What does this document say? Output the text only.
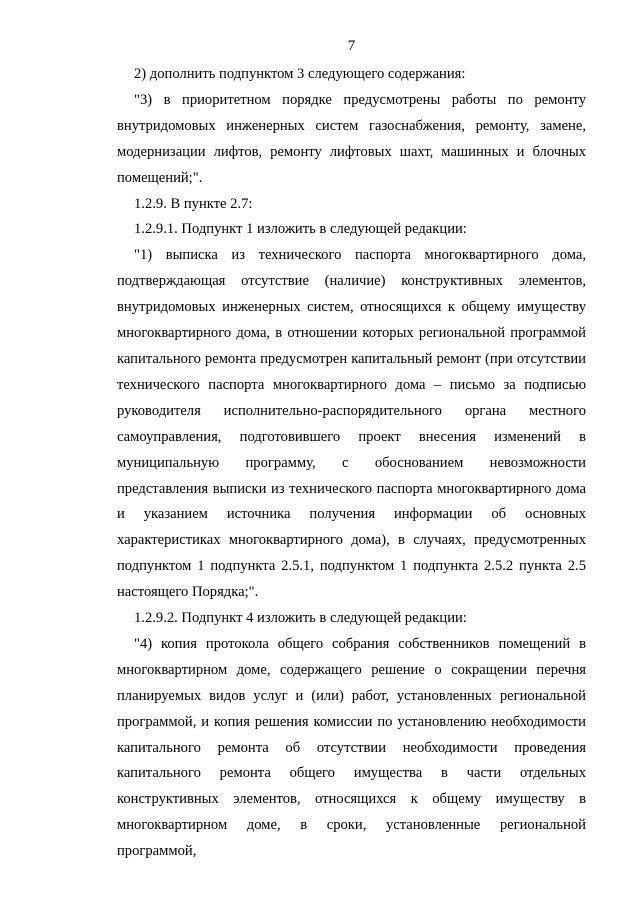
7

2) дополнить подпунктом 3 следующего содержания:

"3) в приоритетном порядке предусмотрены работы по ремонту внутридомовых инженерных систем газоснабжения, ремонту, замене, модернизации лифтов, ремонту лифтовых шахт, машинных и блочных помещений;".

1.2.9. В пункте 2.7:

1.2.9.1. Подпункт 1 изложить в следующей редакции:

"1) выписка из технического паспорта многоквартирного дома, подтверждающая отсутствие (наличие) конструктивных элементов, внутридомовых инженерных систем, относящихся к общему имуществу многоквартирного дома, в отношении которых региональной программой капитального ремонта предусмотрен капитальный ремонт (при отсутствии технического паспорта многоквартирного дома – письмо за подписью руководителя исполнительно-распорядительного органа местного самоуправления, подготовившего проект внесения изменений в муниципальную программу, с обоснованием невозможности представления выписки из технического паспорта многоквартирного дома и указанием источника получения информации об основных характеристиках многоквартирного дома), в случаях, предусмотренных подпунктом 1 подпункта 2.5.1, подпунктом 1 подпункта 2.5.2 пункта 2.5 настоящего Порядка;".

1.2.9.2. Подпункт 4 изложить в следующей редакции:

"4) копия протокола общего собрания собственников помещений в многоквартирном доме, содержащего решение о сокращении перечня планируемых видов услуг и (или) работ, установленных региональной программой, и копия решения комиссии по установлению необходимости капитального ремонта об отсутствии необходимости проведения капитального ремонта общего имущества в части отдельных конструктивных элементов, относящихся к общему имуществу в многоквартирном доме, в сроки, установленные региональной программой,
